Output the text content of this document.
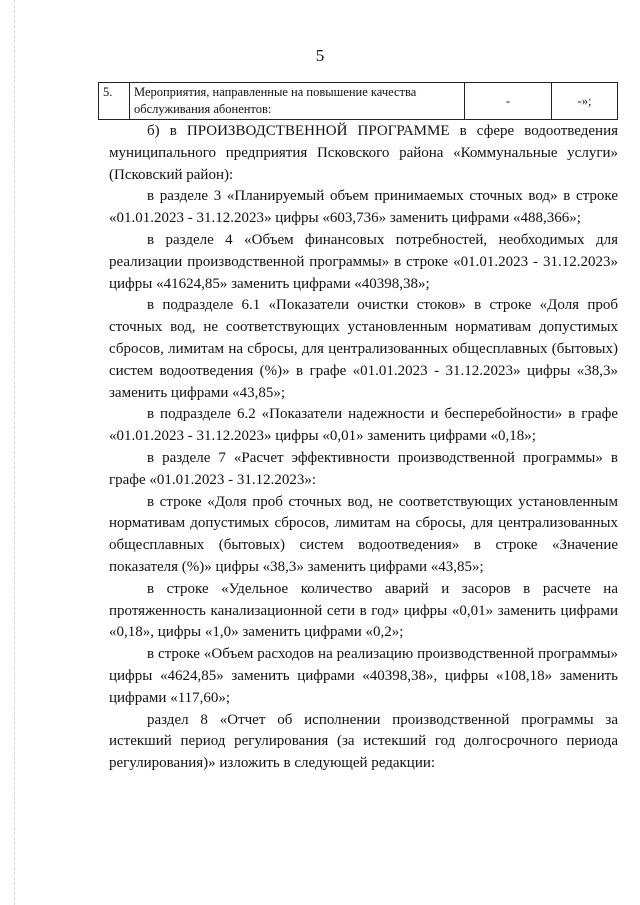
5
5.	Мероприятия, направленные на повышение качества обслуживания абонентов:	-	-»;

б) в ПРОИЗВОДСТВЕННОЙ ПРОГРАММЕ в сфере водоотведения муниципального предприятия Псковского района «Коммунальные услуги» (Псковский район):

в разделе 3 «Планируемый объем принимаемых сточных вод» в строке «01.01.2023 - 31.12.2023» цифры «603,736» заменить цифрами «488,366»;

в разделе 4 «Объем финансовых потребностей, необходимых для реализации производственной программы» в строке «01.01.2023 - 31.12.2023» цифры «41624,85» заменить цифрами «40398,38»;

в подразделе 6.1 «Показатели очистки стоков» в строке «Доля проб сточных вод, не соответствующих установленным нормативам допустимых сбросов, лимитам на сбросы, для централизованных общесплавных (бытовых) систем водоотведения (%)» в графе «01.01.2023 - 31.12.2023» цифры «38,3» заменить цифрами «43,85»;

в подразделе 6.2 «Показатели надежности и бесперебойности» в графе «01.01.2023 - 31.12.2023» цифры «0,01» заменить цифрами «0,18»;

в разделе 7 «Расчет эффективности производственной программы» в графе «01.01.2023 - 31.12.2023»:

в строке «Доля проб сточных вод, не соответствующих установленным нормативам допустимых сбросов, лимитам на сбросы, для централизованных общесплавных (бытовых) систем водоотведения» в строке «Значение показателя (%)» цифры «38,3» заменить цифрами «43,85»;

в строке «Удельное количество аварий и засоров в расчете на протяженность канализационной сети в год» цифры «0,01» заменить цифрами «0,18», цифры «1,0» заменить цифрами «0,2»;

в строке «Объем расходов на реализацию производственной программы» цифры «4624,85» заменить цифрами «40398,38», цифры «108,18» заменить цифрами «117,60»;

раздел 8 «Отчет об исполнении производственной программы за истекший период регулирования (за истекший год долгосрочного периода регулирования)» изложить в следующей редакции:
